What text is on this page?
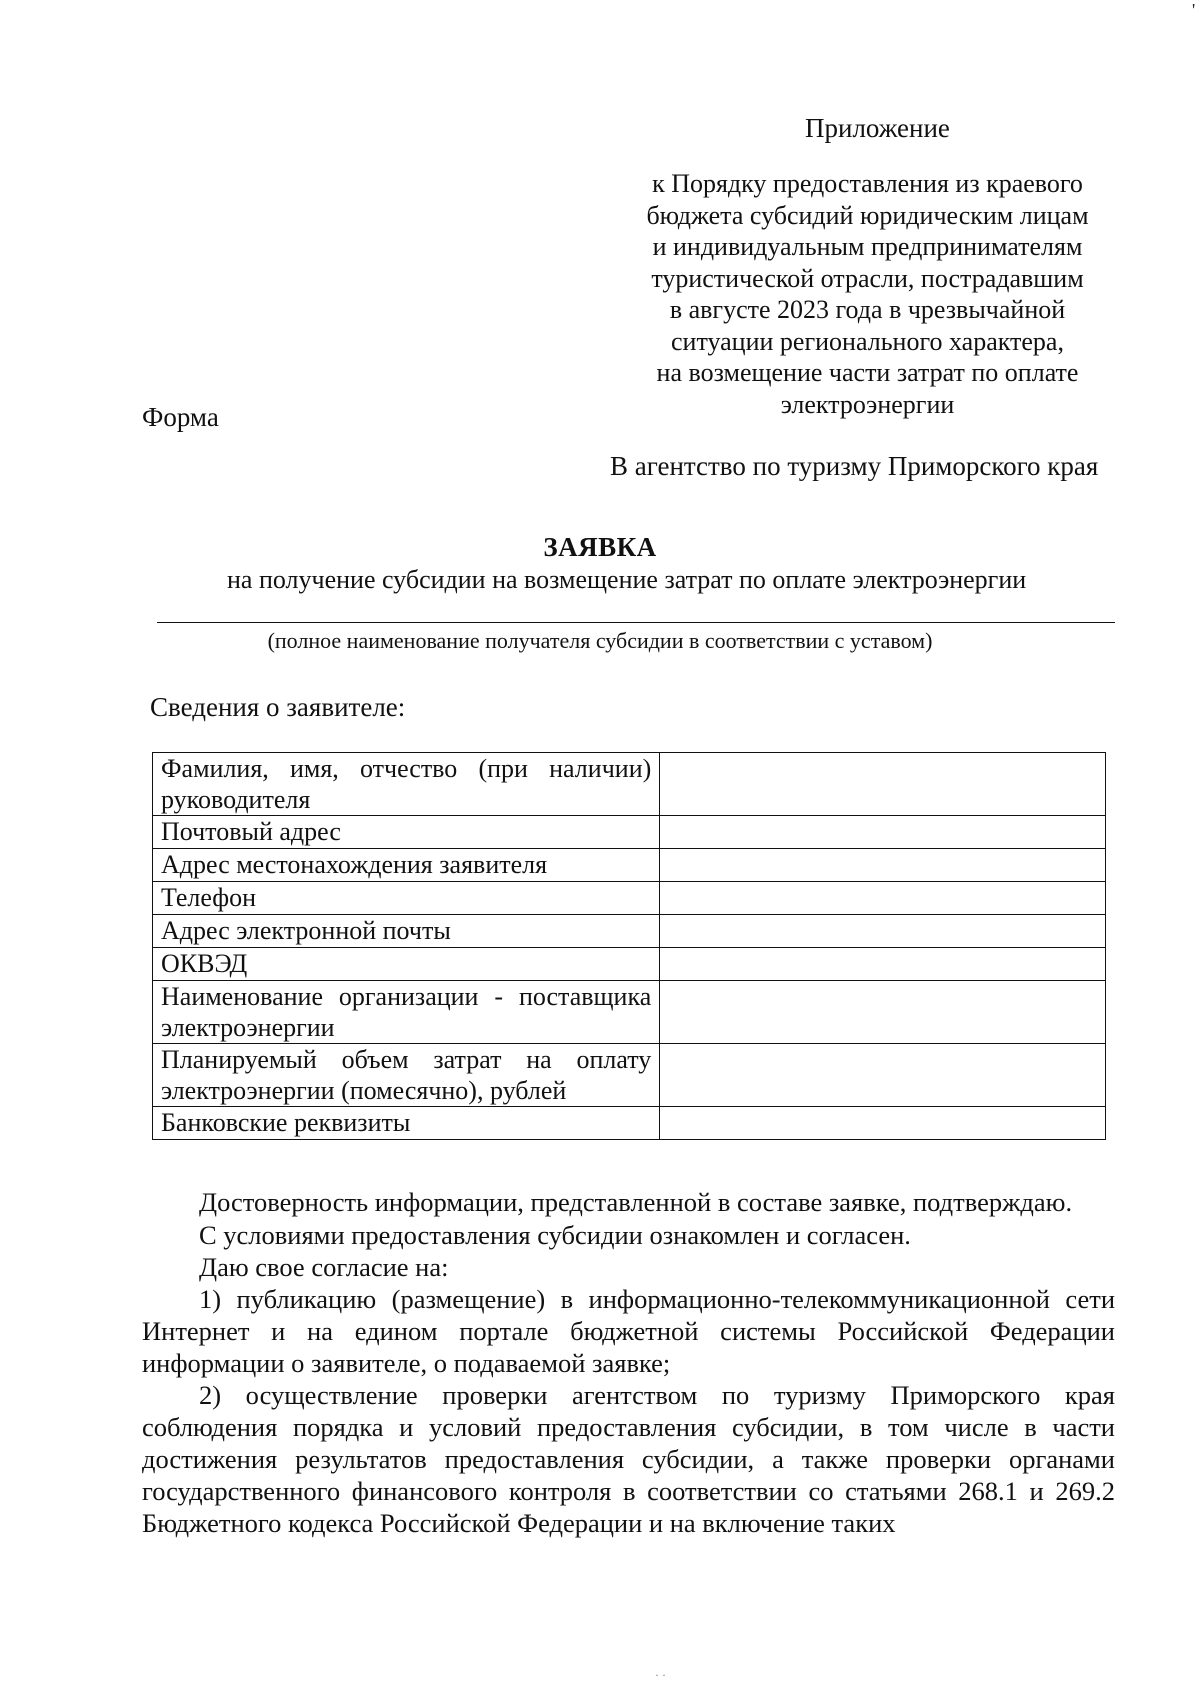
'
Приложение
к Порядку предоставления из краевого
бюджета субсидий юридическим лицам
и индивидуальным предпринимателям
туристической отрасли, пострадавшим
в августе 2023 года в чрезвычайной
ситуации регионального характера,
на возмещение части затрат по оплате
электроэнергии
Форма
В агентство по туризму Приморского края
ЗАЯВКА
на получение субсидии на возмещение затрат по оплате электроэнергии
(полное наименование получателя субсидии в соответствии с уставом)
Сведения о заявителе:
Фамилия, имя, отчество (при наличии) руководителя	
Почтовый адрес	
Адрес местонахождения заявителя	
Телефон	
Адрес электронной почты	
ОКВЭД	
Наименование организации - поставщика электроэнергии	
Планируемый объем затрат на оплату электроэнергии (помесячно), рублей	
Банковские реквизиты	

Достоверность информации, представленной в составе заявке, подтверждаю.

С условиями предоставления субсидии ознакомлен и согласен.

Даю свое согласие на:

1) публикацию (размещение) в информационно-телекоммуникационной сети Интернет и на едином портале бюджетной системы Российской Федерации информации о заявителе, о подаваемой заявке;

2) осуществление проверки агентством по туризму Приморского края соблюдения порядка и условий предоставления субсидии, в том числе в части достижения результатов предоставления субсидии, а также проверки органами государственного финансового контроля в соответствии со статьями 268.1 и 269.2 Бюджетного кодекса Российской Федерации и на включение таких

· ·
